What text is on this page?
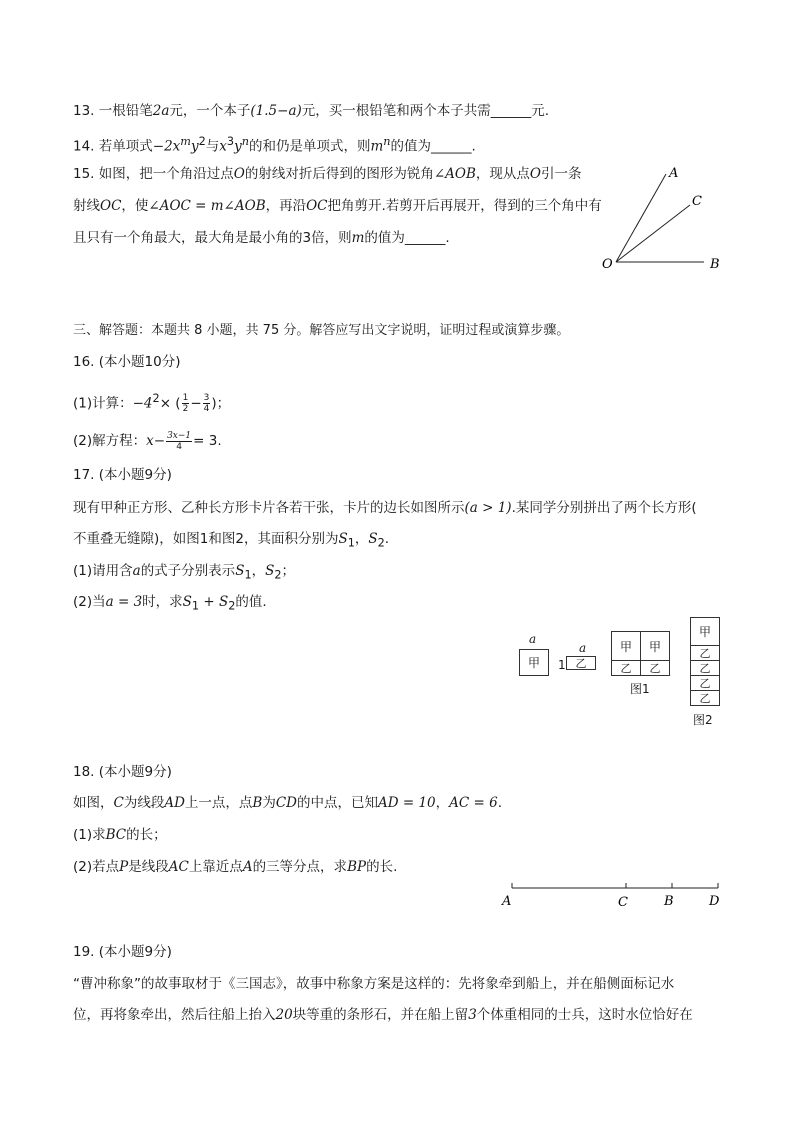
13. 一根铅笔2a元，一个本子(1.5−a)元，买一根铅笔和两个本子共需______元.
14. 若单项式$-2x^my^2$与$x^3y^n$的和仍是单项式，则$m^n$的值为______.
15. 如图，把一个角沿过点O的射线对折后得到的图形为锐角∠AOB，现从点O引一条
射线OC，使∠AOC = m∠AOB，再沿OC把角剪开.若剪开后再展开，得到的三个角中有
且只有一个角最大，最大角是最小角的3倍，则m的值为______.
A
C
O	B
三、解答题：本题共 8 小题，共 75 分。解答应写出文字说明，证明过程或演算步骤。
16. (本小题10分)
(1)计算：$-4^2\times$ ( $\frac{1}{2} - \frac{3}{4}$ )；
(2)解方程：$x- \frac{3x-1}{4} = 3$.
17. (本小题9分)
现有甲种正方形、乙种长方形卡片各若干张，卡片的边长如图所示(a > 1).某同学分别拼出了两个长方形(
不重叠无缝隙)，如图1和图2，其面积分别为$S_1$，$S_2$.
(1)请用含a的式子分别表示$S_1$，$S_2$；
(2)当a = 3时，求$S_1 + S_2$的值.
a
甲
a
1 乙
甲	甲
乙	乙
图1
甲
乙
乙
乙
乙
图2
18. (本小题9分)
如图，C为线段AD上一点，点B为CD的中点，已知AD = 10，AC = 6.
(1)求BC的长；
(2)若点P是线段AC上靠近点A的三等分点，求BP的长.
A	C	B	D
19. (本小题9分)
“曹冲称象”的故事取材于《三国志》，故事中称象方案是这样的：先将象牵到船上，并在船侧面标记水
位，再将象牵出，然后往船上抬入20块等重的条形石，并在船上留3个体重相同的士兵，这时水位恰好在
